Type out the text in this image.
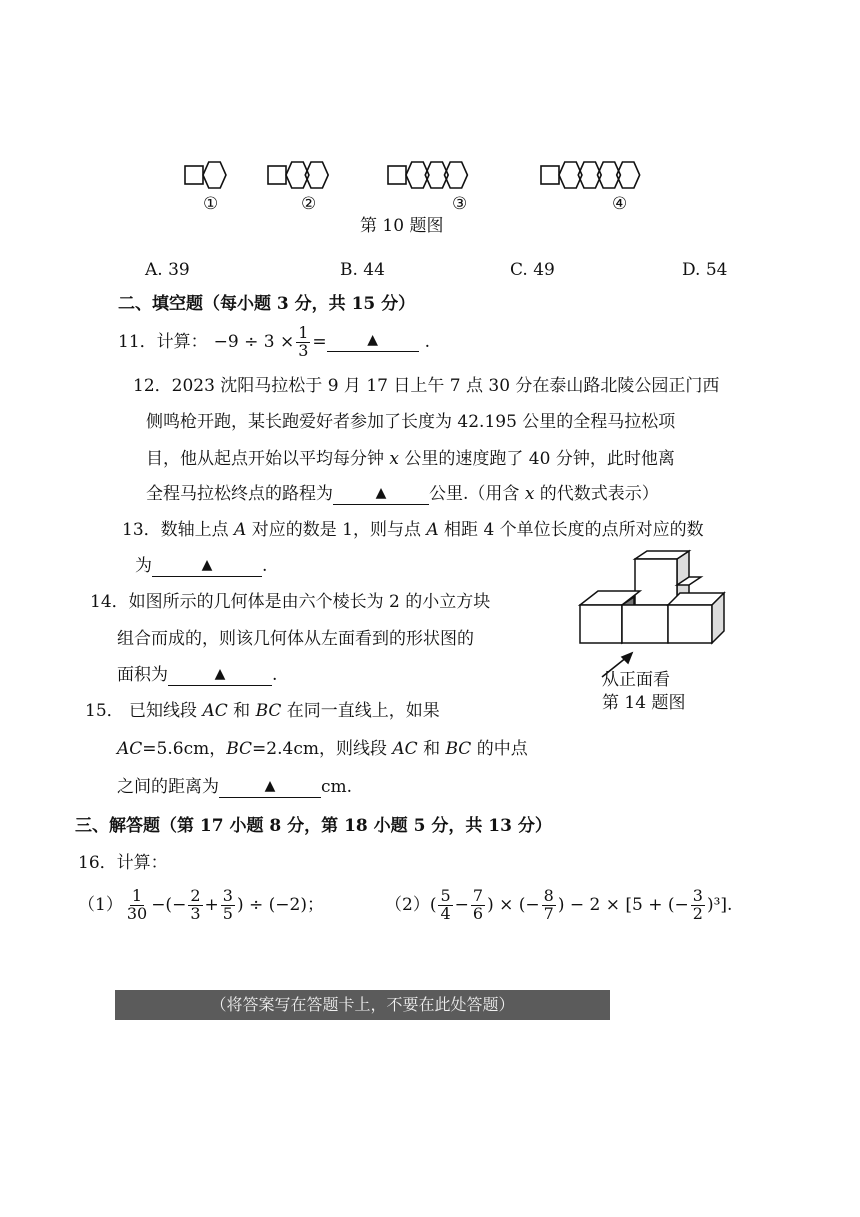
①	②	③	④
第 10 题图
A. 39	B. 44	C. 49	D. 54
二、填空题（每小题 3 分，共 15 分）
11．计算： $-9 \div 3 \times \frac{1}{3}$ =	▲	.
12．2023 沈阳马拉松于 9 月 17 日上午 7 点 30 分在泰山路北陵公园正门西
侧鸣枪开跑，某长跑爱好者参加了长度为 42.195 公里的全程马拉松项
目，他从起点开始以平均每分钟 x 公里的速度跑了 40 分钟，此时他离
全程马拉松终点的路程为	▲	公里.（用含 x 的代数式表示）
13．数轴上点 A 对应的数是 1，则与点 A 相距 4 个单位长度的点所对应的数
为	▲	.
14．如图所示的几何体是由六个棱长为 2 的小立方块
组合而成的，则该几何体从左面看到的形状图的
面积为	▲	.	从正面看
第 14 题图
15． 已知线段 AC 和 BC 在同一直线上，如果
AC=5.6cm，BC=2.4cm，则线段 AC 和 BC 的中点
之间的距离为	▲	cm.
三、解答题（第 17 小题 8 分，第 18 小题 5 分，共 13 分）
16．计算：
$(1) \frac{1}{30}$ −(− $\frac{2}{3} + \frac{3}{5}$ ) ÷ (−2)；	（2） ( $\frac{5}{4} - \frac{7}{6}$ ) × (− $\frac{8}{7}$ ) − 2 × [5 + (− $\frac{3}{2} )^3$].
（将答案写在答题卡上，不要在此处答题）
